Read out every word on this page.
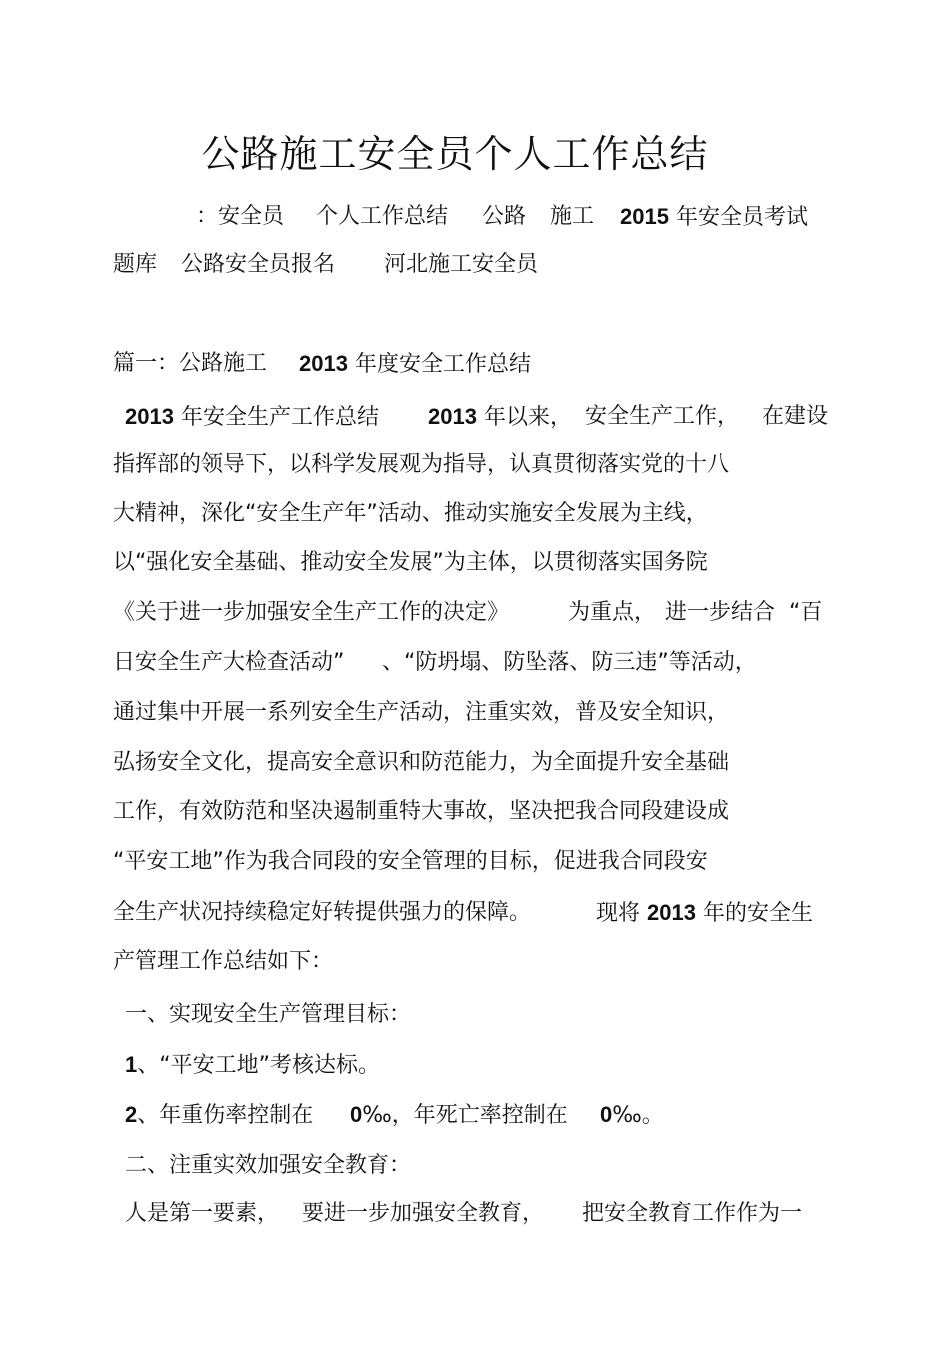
公路施工安全员个人工作总结
：安全员 个人工作总结 公路 施工 2015 年安全员考试
题库 公路安全员报名 河北施工安全员
篇一：公路施工 2013 年度安全工作总结
2013 年安全生产工作总结 2013 年以来， 安全生产工作， 在建设
指挥部的领导下，以科学发展观为指导，认真贯彻落实党的十八
大精神，深化“安全生产年”活动、推动实施安全发展为主线，
以“强化安全基础、推动安全发展”为主体，以贯彻落实国务院
《关于进一步加强安全生产工作的决定》	为重点， 进一步结合 “百
日安全生产大检查活动” 、“防坍塌、防坠落、防三违”等活动，
通过集中开展一系列安全生产活动，注重实效，普及安全知识，
弘扬安全文化，提高安全意识和防范能力，为全面提升安全基础
工作，有效防范和坚决遏制重特大事故，坚决把我合同段建设成
“平安工地”作为我合同段的安全管理的目标，促进我合同段安
全生产状况持续稳定好转提供强力的保障。	现将 2013 年的安全生
产管理工作总结如下：
一、实现安全生产管理目标：
1、“平安工地”考核达标。
2、年重伤率控制在 0‰，年死亡率控制在 0‰。
二、注重实效加强安全教育：
人是第一要素， 要进一步加强安全教育， 把安全教育工作作为一
